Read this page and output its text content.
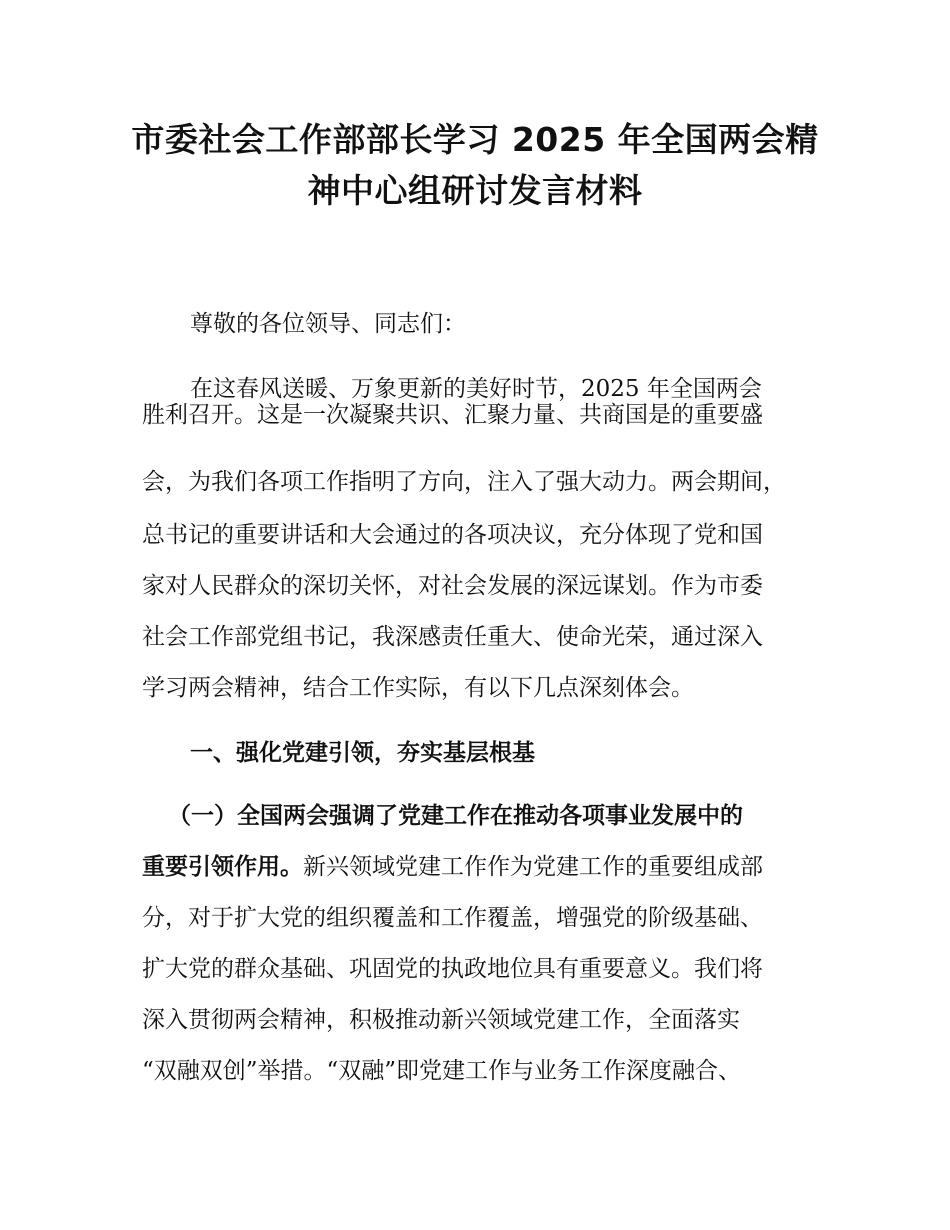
市委社会工作部部长学习 2025 年全国两会精
神中心组研讨发言材料
尊敬的各位领导、同志们：
在这春风送暖、万象更新的美好时节，2025 年全国两会
胜利召开。这是一次凝聚共识、汇聚力量、共商国是的重要盛
会，为我们各项工作指明了方向，注入了强大动力。两会期间，
总书记的重要讲话和大会通过的各项决议，充分体现了党和国
家对人民群众的深切关怀，对社会发展的深远谋划。作为市委
社会工作部党组书记，我深感责任重大、使命光荣，通过深入
学习两会精神，结合工作实际，有以下几点深刻体会。
一、强化党建引领，夯实基层根基
（一）全国两会强调了党建工作在推动各项事业发展中的
重要引领作用。新兴领域党建工作作为党建工作的重要组成部
分，对于扩大党的组织覆盖和工作覆盖，增强党的阶级基础、
扩大党的群众基础、巩固党的执政地位具有重要意义。我们将
深入贯彻两会精神，积极推动新兴领域党建工作，全面落实
“双融双创”举措。“双融”即党建工作与业务工作深度融合、
